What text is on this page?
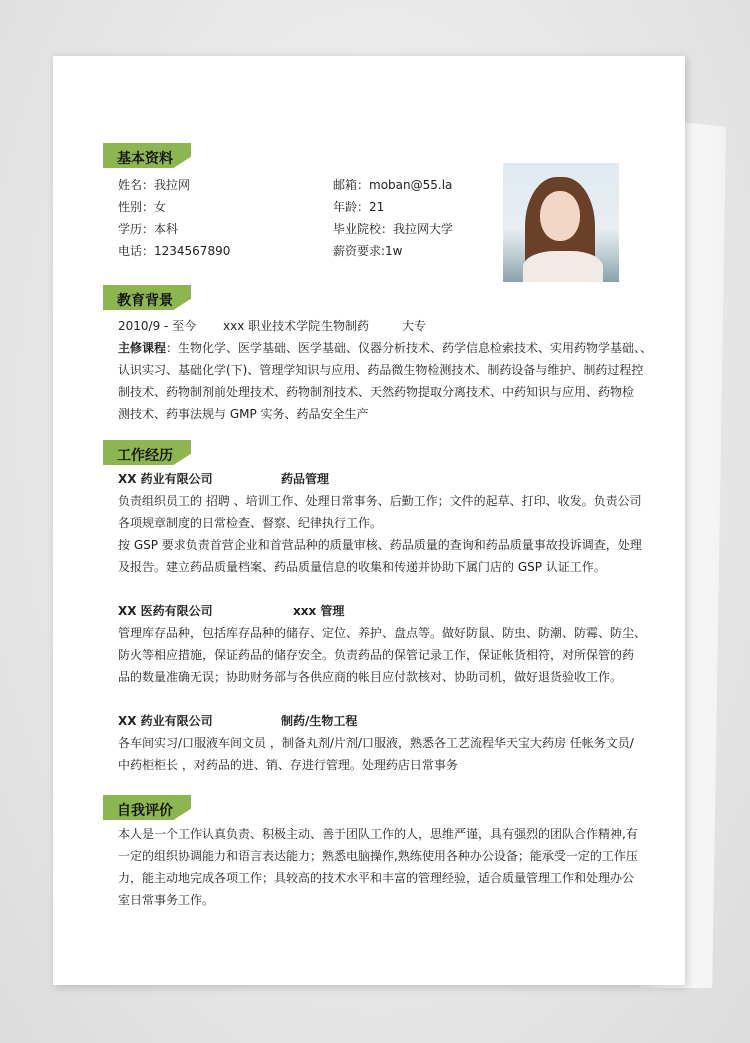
基本资料
姓名：我拉网
性别：女
学历：本科
电话：1234567890
邮箱：moban@55.la
年龄：21
毕业院校：我拉网大学
薪资要求:1w
教育背景
2010/9 - 至今 xxx 职业技术学院 生物制药	大专
主修课程：生物化学、医学基础、医学基础、仪器分析技术、药学信息检索技术、实用药物学基础、、
认识实习、基础化学(下)、管理学知识与应用、药品微生物检测技术、制药设备与维护、制药过程控
制技术、药物制剂前处理技术、药物制剂技术、天然药物提取分离技术、中药知识与应用、药物检
测技术、药事法规与 GMP 实务、药品安全生产
工作经历
XX 药业有限公司	药品管理
负责组织员工的 招聘 、培训工作、处理日常事务、后勤工作；文件的起草、打印、收发。负责公司
各项规章制度的日常检查、督察、纪律执行工作。
按 GSP 要求负责首营企业和首营品种的质量审核、药品质量的查询和药品质量事故投诉调查，处理
及报告。建立药品质量档案、药品质量信息的收集和传递并协助下属门店的 GSP 认证工作。
XX 医药有限公司	xxx 管理
管理库存品种，包括库存品种的储存、定位、养护、盘点等。做好防鼠、防虫、防潮、防霉、防尘、
防火等相应措施，保证药品的储存安全。负责药品的保管记录工作，保证帐货相符，对所保管的药
品的数量准确无误；协助财务部与各供应商的帐目应付款核对、协助司机，做好退货验收工作。
XX 药业有限公司	制药/生物工程
各车间实习/口服液车间文员 ，制备丸剂/片剂/口服液，熟悉各工艺流程华天宝大药房 任帐务文员/
中药柜柜长 ，对药品的进、销、存进行管理。处理药店日常事务
自我评价
本人是一个工作认真负责、积极主动、善于团队工作的人，思维严谨，具有强烈的团队合作精神,有
一定的组织协调能力和语言表达能力；熟悉电脑操作,熟练使用各种办公设备；能承受一定的工作压
力，能主动地完成各项工作；具较高的技术水平和丰富的管理经验，适合质量管理工作和处理办公
室日常事务工作。
